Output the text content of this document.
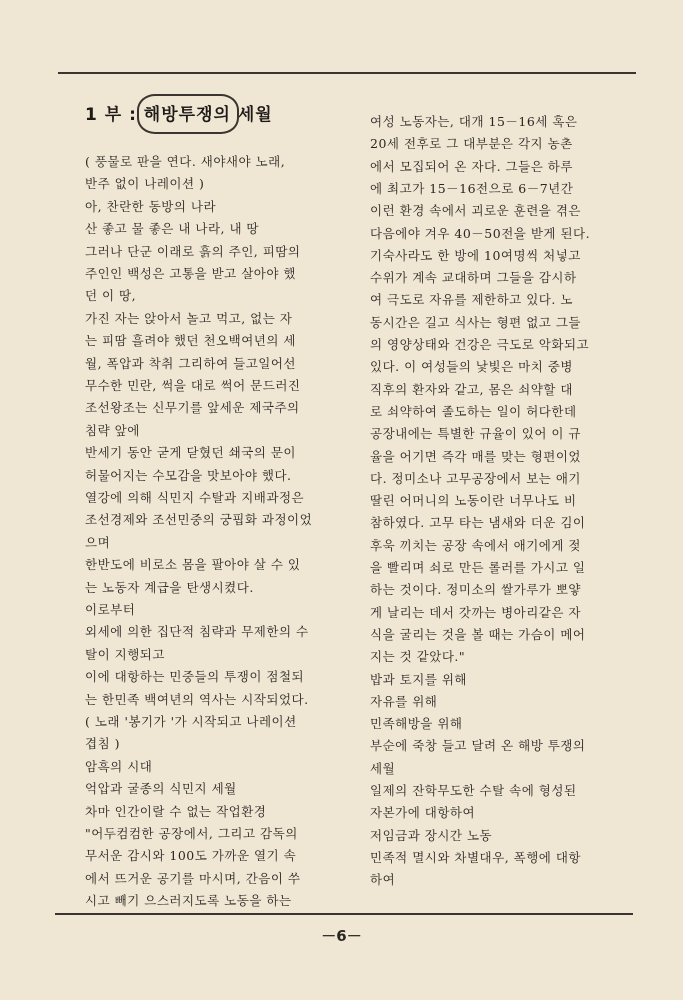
1 부 : 해방투쟁의 세월
( 풍물로 판을 연다. 새야새야 노래,
반주 없이 나레이션 )
아, 찬란한 동방의 나라
산 좋고 물 좋은 내 나라, 내 땅
그러나 단군 이래로 흙의 주인, 피땀의
주인인 백성은 고통을 받고 살아야 했
던 이 땅,
가진 자는 앉아서 놀고 먹고, 없는 자
는 피땀 흘려야 했던 천오백여년의 세
월, 폭압과 착취 그리하여 들고일어선
무수한 민란, 썩을 대로 썩어 문드러진
조선왕조는 신무기를 앞세운 제국주의
침략 앞에
반세기 동안 굳게 닫혔던 쇄국의 문이
허물어지는 수모감을 맛보아야 했다.
열강에 의해 식민지 수탈과 지배과정은
조선경제와 조선민중의 궁핍화 과정이었
으며
한반도에 비로소 몸을 팔아야 살 수 있
는 노동자 계급을 탄생시켰다.
이로부터
외세에 의한 집단적 침략과 무제한의 수
탈이 지행되고
이에 대항하는 민중들의 투쟁이 점철되
는 한민족 백여년의 역사는 시작되었다.
( 노래 '봉기가 '가 시작되고 나레이션
겹침 )
암흑의 시대
억압과 굴종의 식민지 세월
차마 인간이랄 수 없는 작업환경
"어두컴컴한 공장에서, 그리고 감독의
무서운 감시와 100도 가까운 열기 속
에서 뜨거운 공기를 마시며, 간음이 쑤
시고 빼기 으스러지도록 노동을 하는
여성 노동자는, 대개 15－16세 혹은
20세 전후로 그 대부분은 각지 농촌
에서 모집되어 온 자다. 그들은 하루
에 최고가 15－16전으로 6－7년간
이런 환경 속에서 괴로운 훈련을 겪은
다음에야 겨우 40－50전을 받게 된다.
기숙사라도 한 방에 10여명씩 처넣고
수위가 계속 교대하며 그들을 감시하
여 극도로 자유를 제한하고 있다. 노
동시간은 길고 식사는 형편 없고 그들
의 영양상태와 건강은 극도로 악화되고
있다. 이 여성들의 낯빛은 마치 중병
직후의 환자와 같고, 몸은 쇠약할 대
로 쇠약하여 졸도하는 일이 허다한데
공장내에는 특별한 규율이 있어 이 규
율을 어기면 즉각 매를 맞는 형편이었
다. 정미소나 고무공장에서 보는 애기
딸린 어머니의 노동이란 너무나도 비
참하였다. 고무 타는 냄새와 더운 김이
후욱 끼치는 공장 속에서 애기에게 젖
을 빨리며 쇠로 만든 롤러를 가시고 일
하는 것이다. 정미소의 쌀가루가 뽀얗
게 날리는 데서 갓까는 병아리같은 자
식을 굴리는 것을 볼 때는 가슴이 메어
지는 것 같았다."
밥과 토지를 위해
자유를 위해
민족해방을 위해
부순에 죽창 들고 달려 온 해방 투쟁의
세월
일제의 잔학무도한 수탈 속에 형성된
자본가에 대항하여
저임금과 장시간 노동
민족적 멸시와 차별대우, 폭행에 대항
하여
－6－
